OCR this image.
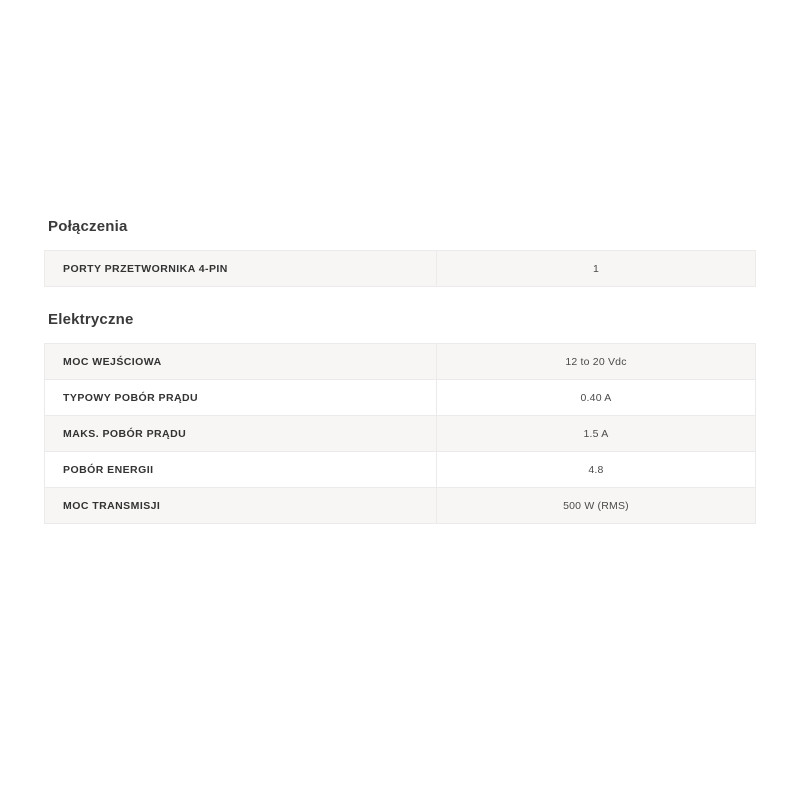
Połączenia
PORTY PRZETWORNIKA 4-PIN	1
Elektryczne
MOC WEJŚCIOWA	12 to 20 Vdc
TYPOWY POBÓR PRĄDU	0.40 A
MAKS. POBÓR PRĄDU	1.5 A
POBÓR ENERGII	4.8
MOC TRANSMISJI	500 W (RMS)
